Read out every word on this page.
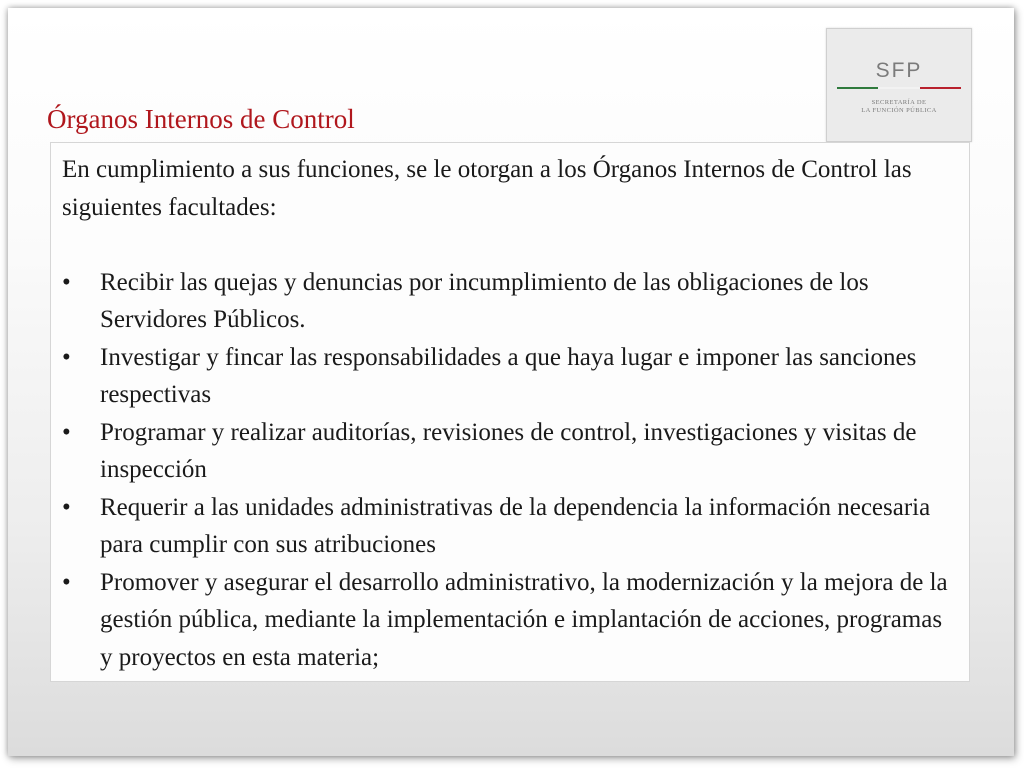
SFP
SECRETARÍA DE
LA FUNCIÓN PÚBLICA
Órganos Internos de Control

En cumplimiento a sus funciones, se le otorgan a los Órganos Internos de Control las siguientes facultades:

• Recibir las quejas y denuncias por incumplimiento de las obligaciones de los Servidores Públicos.
• Investigar y fincar las responsabilidades a que haya lugar e imponer las sanciones respectivas
• Programar y realizar auditorías, revisiones de control, investigaciones y visitas de inspección
• Requerir a las unidades administrativas de la dependencia la información necesaria para cumplir con sus atribuciones
• Promover y asegurar el desarrollo administrativo, la modernización y la mejora de la gestión pública, mediante la implementación e implantación de acciones, programas y proyectos en esta materia;
